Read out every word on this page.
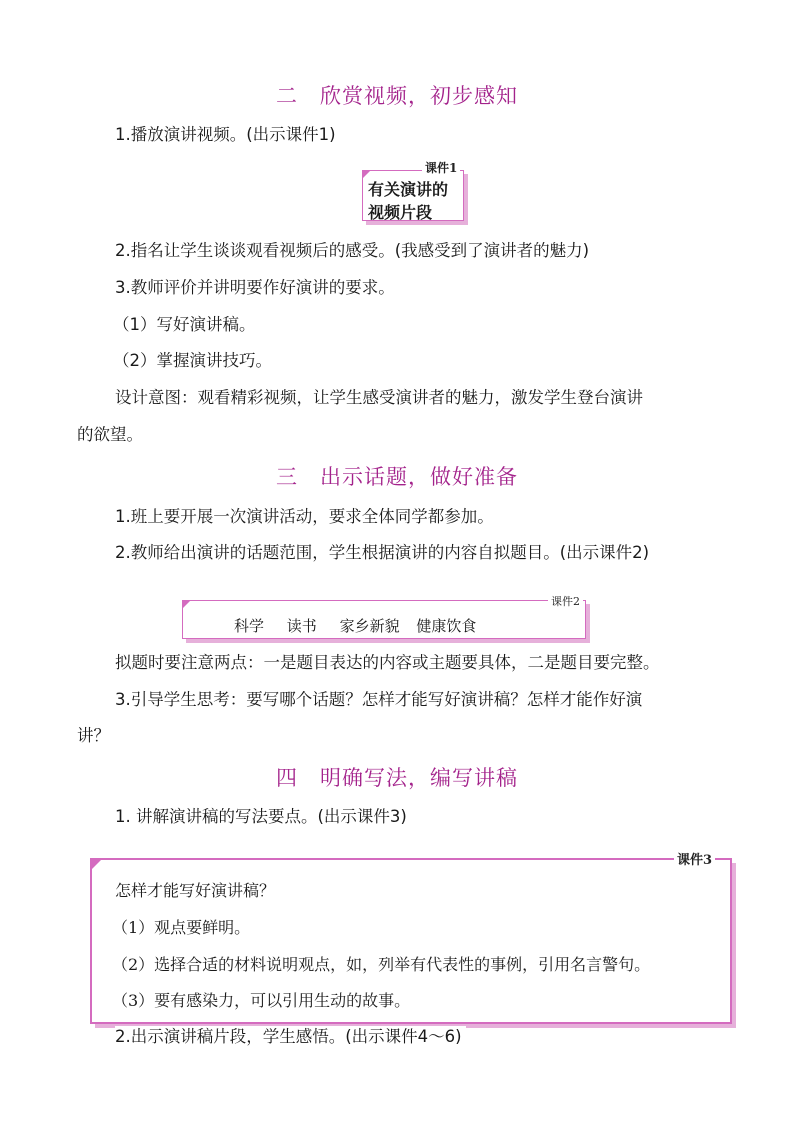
二 欣赏视频，初步感知
1.播放演讲视频。(出示课件1)
课件1
有关演讲的
视频片段
2.指名让学生谈谈观看视频后的感受。(我感受到了演讲者的魅力)
3.教师评价并讲明要作好演讲的要求。
（1）写好演讲稿。
（2）掌握演讲技巧。
设计意图：观看精彩视频，让学生感受演讲者的魅力，激发学生登台演讲
的欲望。
三 出示话题，做好准备
1.班上要开展一次演讲活动，要求全体同学都参加。
2.教师给出演讲的话题范围，学生根据演讲的内容自拟题目。(出示课件2)
课件2
科学 读书 家乡新貌 健康饮食
拟题时要注意两点：一是题目表达的内容或主题要具体，二是题目要完整。
3.引导学生思考：要写哪个话题？怎样才能写好演讲稿？怎样才能作好演
讲？
四 明确写法，编写讲稿
1. 讲解演讲稿的写法要点。(出示课件3)
课件3
怎样才能写好演讲稿？
（1）观点要鲜明。
（2）选择合适的材料说明观点，如，列举有代表性的事例，引用名言警句。
（3）要有感染力，可以引用生动的故事。
2.出示演讲稿片段，学生感悟。(出示课件4～6)
